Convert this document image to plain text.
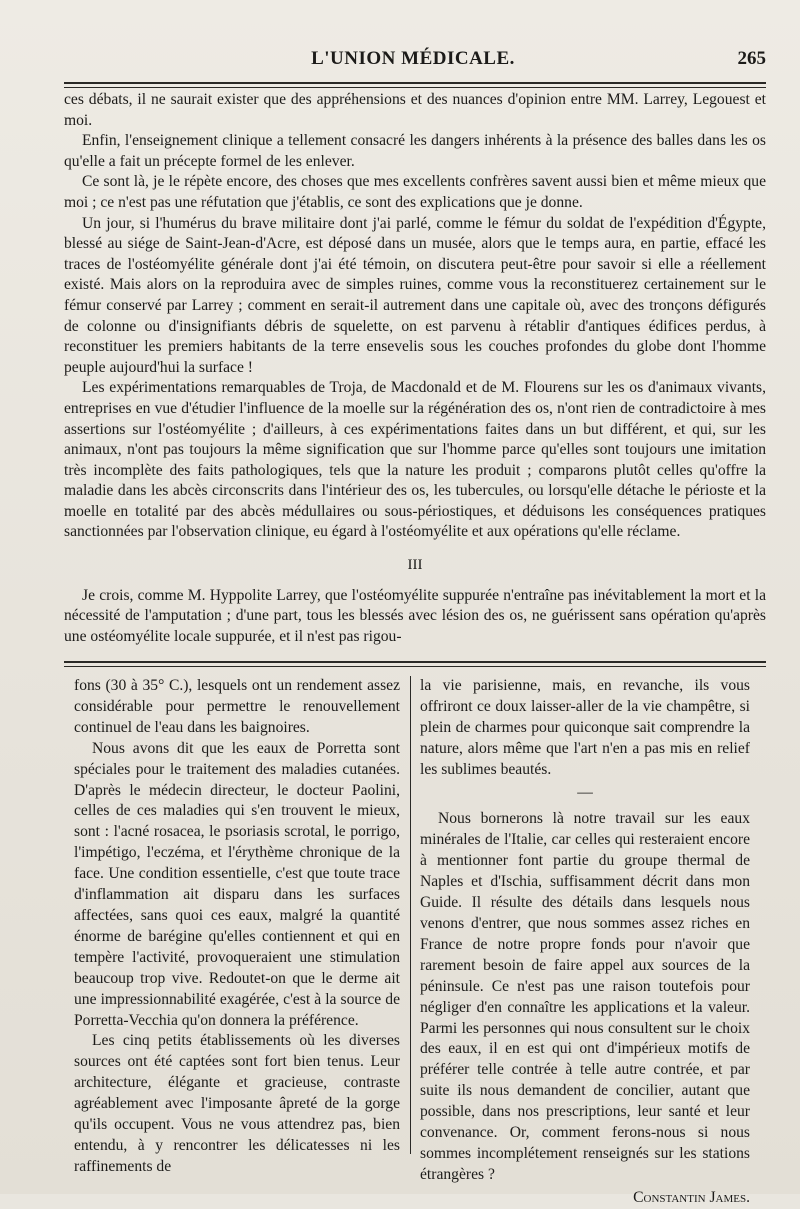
L'UNION MÉDICALE.	265

ces débats, il ne saurait exister que des appréhensions et des nuances d'opinion entre MM. Larrey, Legouest et moi.

Enfin, l'enseignement clinique a tellement consacré les dangers inhérents à la présence des balles dans les os qu'elle a fait un précepte formel de les enlever.

Ce sont là, je le répète encore, des choses que mes excellents confrères savent aussi bien et même mieux que moi ; ce n'est pas une réfutation que j'établis, ce sont des explications que je donne.

Un jour, si l'humérus du brave militaire dont j'ai parlé, comme le fémur du soldat de l'expédition d'Égypte, blessé au siége de Saint-Jean-d'Acre, est déposé dans un musée, alors que le temps aura, en partie, effacé les traces de l'ostéomyélite générale dont j'ai été témoin, on discutera peut-être pour savoir si elle a réellement existé. Mais alors on la reproduira avec de simples ruines, comme vous la reconstituerez certainement sur le fémur conservé par Larrey ; comment en serait-il autrement dans une capitale où, avec des tronçons défigurés de colonne ou d'insignifiants débris de squelette, on est parvenu à rétablir d'antiques édifices perdus, à reconstituer les premiers habitants de la terre ensevelis sous les couches profondes du globe dont l'homme peuple aujourd'hui la surface !

Les expérimentations remarquables de Troja, de Macdonald et de M. Flourens sur les os d'animaux vivants, entreprises en vue d'étudier l'influence de la moelle sur la régénération des os, n'ont rien de contradictoire à mes assertions sur l'ostéomyélite ; d'ailleurs, à ces expérimentations faites dans un but différent, et qui, sur les animaux, n'ont pas toujours la même signification que sur l'homme parce qu'elles sont toujours une imitation très incomplète des faits pathologiques, tels que la nature les produit ; comparons plutôt celles qu'offre la maladie dans les abcès circonscrits dans l'intérieur des os, les tubercules, ou lorsqu'elle détache le périoste et la moelle en totalité par des abcès médullaires ou sous-périostiques, et déduisons les conséquences pratiques sanctionnées par l'observation clinique, eu égard à l'ostéomyélite et aux opérations qu'elle réclame.

III

Je crois, comme M. Hyppolite Larrey, que l'ostéomyélite suppurée n'entraîne pas inévitablement la mort et la nécessité de l'amputation ; d'une part, tous les blessés avec lésion des os, ne guérissent sans opération qu'après une ostéomyélite locale suppurée, et il n'est pas rigou-

fons (30 à 35° C.), lesquels ont un rendement assez considérable pour permettre le renouvellement continuel de l'eau dans les baignoires.

Nous avons dit que les eaux de Porretta sont spéciales pour le traitement des maladies cutanées. D'après le médecin directeur, le docteur Paolini, celles de ces maladies qui s'en trouvent le mieux, sont : l'acné rosacea, le psoriasis scrotal, le porrigo, l'impétigo, l'eczéma, et l'érythème chronique de la face. Une condition essentielle, c'est que toute trace d'inflammation ait disparu dans les surfaces affectées, sans quoi ces eaux, malgré la quantité énorme de barégine qu'elles contiennent et qui en tempère l'activité, provoqueraient une stimulation beaucoup trop vive. Redoutet-on que le derme ait une impressionnabilité exagérée, c'est à la source de Porretta-Vecchia qu'on donnera la préférence.

Les cinq petits établissements où les diverses sources ont été captées sont fort bien tenus. Leur architecture, élégante et gracieuse, contraste agréablement avec l'imposante âpreté de la gorge qu'ils occupent. Vous ne vous attendrez pas, bien entendu, à y rencontrer les délicatesses ni les raffinements de

la vie parisienne, mais, en revanche, ils vous offriront ce doux laisser-aller de la vie champêtre, si plein de charmes pour quiconque sait comprendre la nature, alors même que l'art n'en a pas mis en relief les sublimes beautés.

—

Nous bornerons là notre travail sur les eaux minérales de l'Italie, car celles qui resteraient encore à mentionner font partie du groupe thermal de Naples et d'Ischia, suffisamment décrit dans mon Guide. Il résulte des détails dans lesquels nous venons d'entrer, que nous sommes assez riches en France de notre propre fonds pour n'avoir que rarement besoin de faire appel aux sources de la péninsule. Ce n'est pas une raison toutefois pour négliger d'en connaître les applications et la valeur. Parmi les personnes qui nous consultent sur le choix des eaux, il en est qui ont d'impérieux motifs de préférer telle contrée à telle autre contrée, et par suite ils nous demandent de concilier, autant que possible, dans nos prescriptions, leur santé et leur convenance. Or, comment ferons-nous si nous sommes incomplétement renseignés sur les stations étrangères ?

Constantin James.
